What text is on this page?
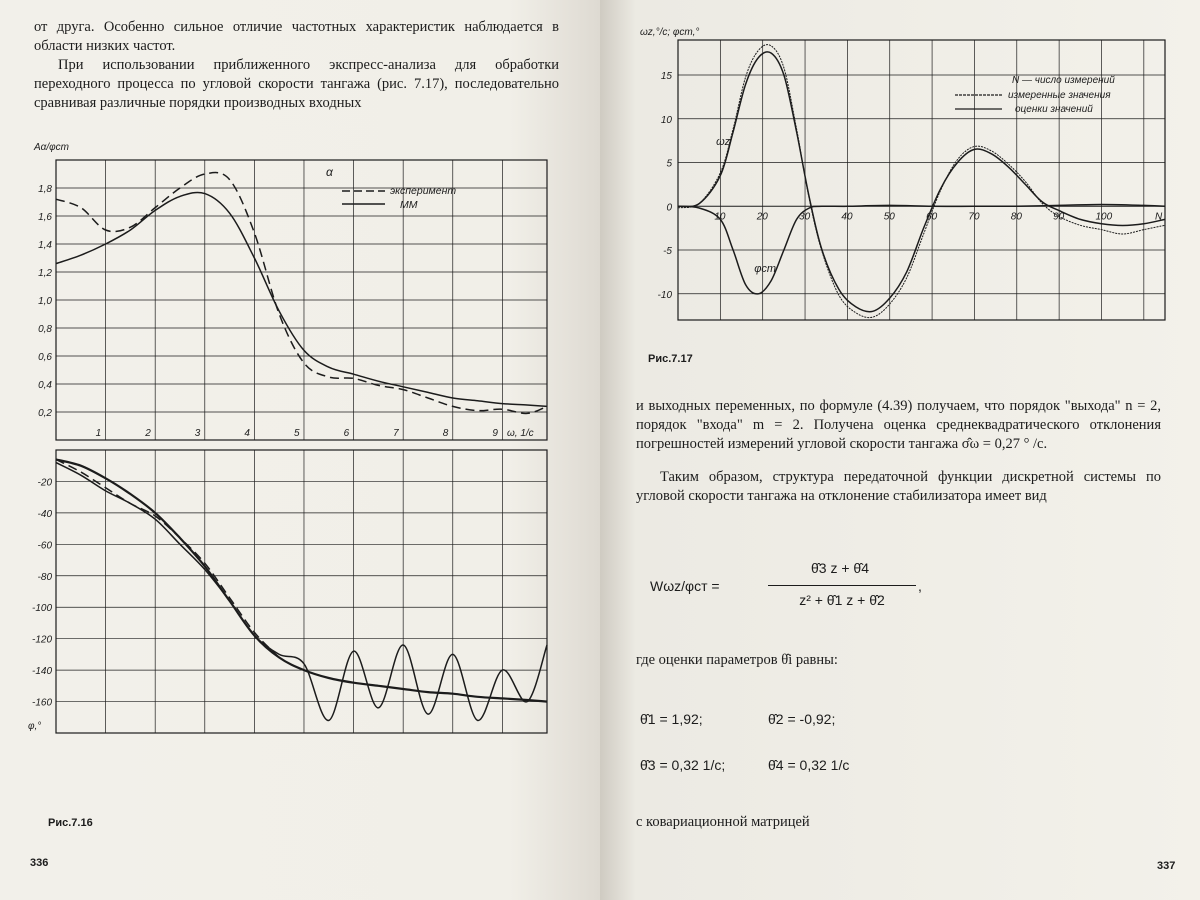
от друга. Особенно сильное отличие частотных характеристик наблюдается в области низких частот.

При использовании приближенного экспресс-анализа для обработки переходного процесса по угловой скорости тангажа (рис. 7.17), последовательно сравнивая различные порядки производных входных

0,2
0,4
0,6
0,8
1,0
1,2
1,4
1,6
1,8
1	2	3	4	5	6	7	8	9
Aα/φст
ω, 1/с
α
эксперимент
ММ
-20
-40
-60
-80
-100
-120
-140
-160
φ,°
Рис.7.16
336
15
10
5
0
-5
-10
10	20	30	40	50	60	70	80	90	100	N
ωz,°/с; φст,°
ωz
φст
N — число измерений
измеренные значения
оценки значений
Рис.7.17

и выходных переменных, по формуле (4.39) получаем, что порядок "выхода" n = 2, порядок "входа" m = 2. Получена оценка среднеквадратического отклонения погрешностей измерений угловой скорости тангажа σ̂ω = 0,27 ° /с.

Таким образом, структура передаточной функции дискретной системы по угловой скорости тангажа на отклонение стабилизатора имеет вид

Wωz/φст =
θ̂3 z + θ̂4
z² + θ̂1 z + θ̂2
,
где оценки параметров θ̂i равны:
θ̂1 = 1,92;	θ̂2 = -0,92;
θ̂3 = 0,32 1/с;	θ̂4 = 0,32 1/с
с ковариационной матрицей
337
